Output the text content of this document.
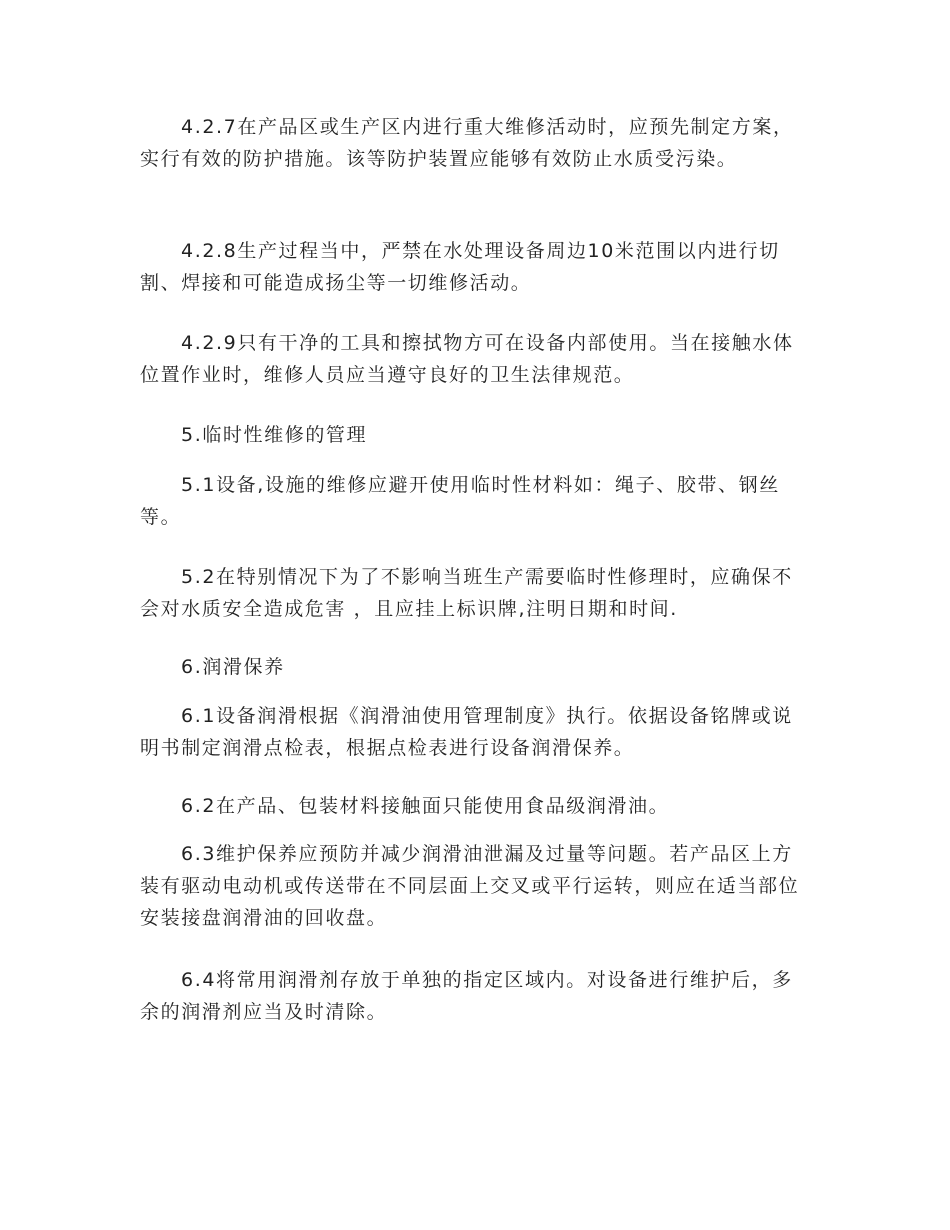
4.2.7在产品区或生产区内进行重大维修活动时，应预先制定方案，实行有效的防护措施。该等防护装置应能够有效防止水质受污染。

4.2.8生产过程当中，严禁在水处理设备周边10米范围以内进行切割、焊接和可能造成扬尘等一切维修活动。

4.2.9只有干净的工具和擦拭物方可在设备内部使用。当在接触水体位置作业时，维修人员应当遵守良好的卫生法律规范。

5.临时性维修的管理

5.1设备,设施的维修应避开使用临时性材料如：绳子、胶带、钢丝等。

5.2在特别情况下为了不影响当班生产需要临时性修理时，应确保不会对水质安全造成危害 ，且应挂上标识牌,注明日期和时间.

6.润滑保养

6.1设备润滑根据《润滑油使用管理制度》执行。依据设备铭牌或说明书制定润滑点检表，根据点检表进行设备润滑保养。

6.2在产品、包装材料接触面只能使用食品级润滑油。

6.3维护保养应预防并减少润滑油泄漏及过量等问题。若产品区上方装有驱动电动机或传送带在不同层面上交叉或平行运转，则应在适当部位安装接盘润滑油的回收盘。

6.4将常用润滑剂存放于单独的指定区域内。对设备进行维护后，多余的润滑剂应当及时清除。
